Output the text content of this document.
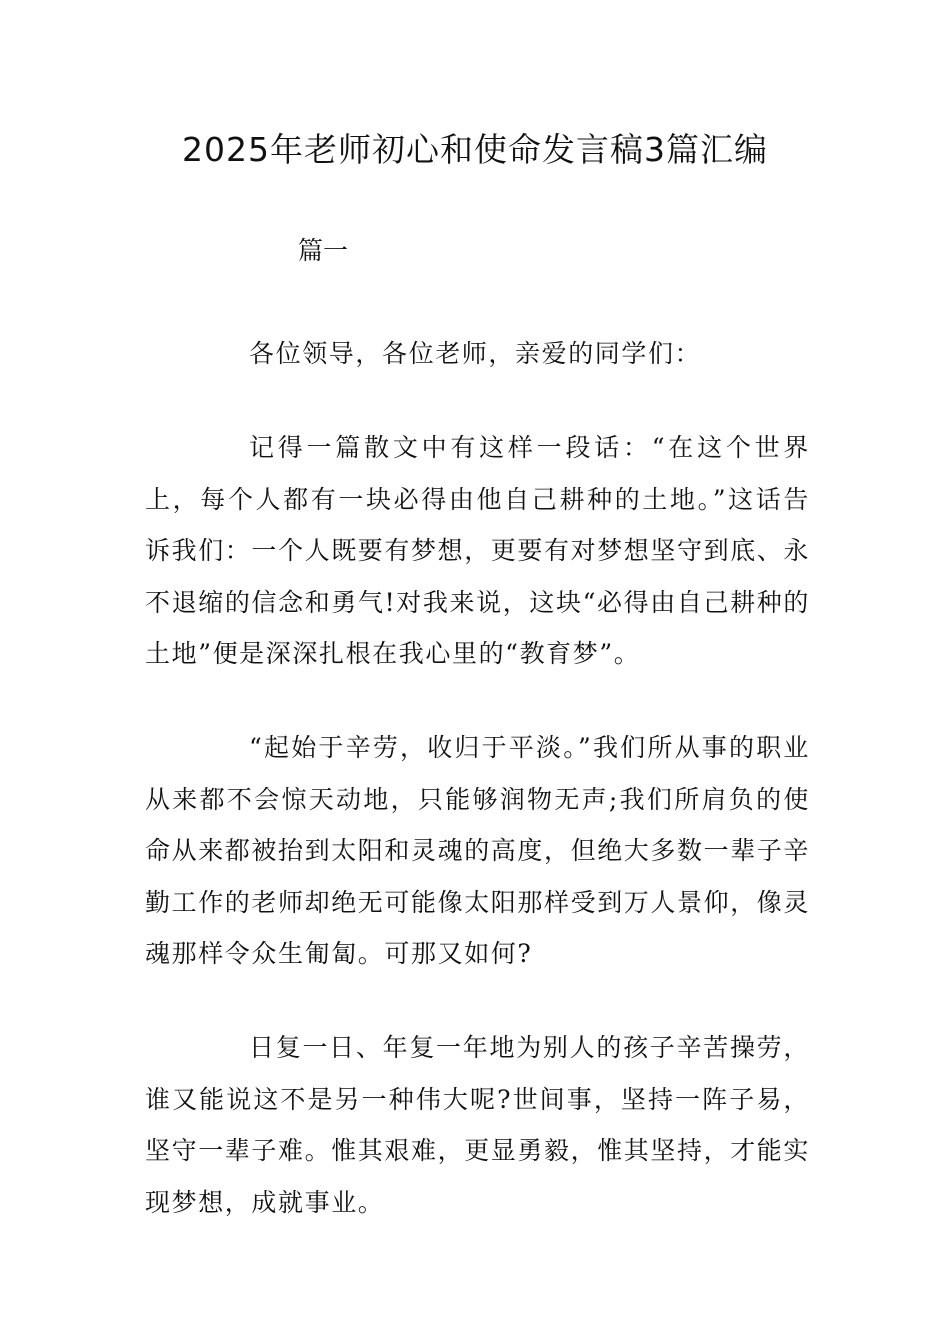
2025年老师初心和使命发言稿3篇汇编
篇一

各位领导，各位老师，亲爱的同学们：

记得一篇散文中有这样一段话：“在这个世界上，每个人都有一块必得由他自己耕种的土地。”这话告诉我们：一个人既要有梦想，更要有对梦想坚守到底、永不退缩的信念和勇气!对我来说，这块“必得由自己耕种的土地”便是深深扎根在我心里的“教育梦”。

“起始于辛劳，收归于平淡。”我们所从事的职业从来都不会惊天动地，只能够润物无声;我们所肩负的使命从来都被抬到太阳和灵魂的高度，但绝大多数一辈子辛勤工作的老师却绝无可能像太阳那样受到万人景仰，像灵魂那样令众生匍匐。可那又如何?

日复一日、年复一年地为别人的孩子辛苦操劳，谁又能说这不是另一种伟大呢?世间事，坚持一阵子易，坚守一辈子难。惟其艰难，更显勇毅，惟其坚持，才能实现梦想，成就事业。
